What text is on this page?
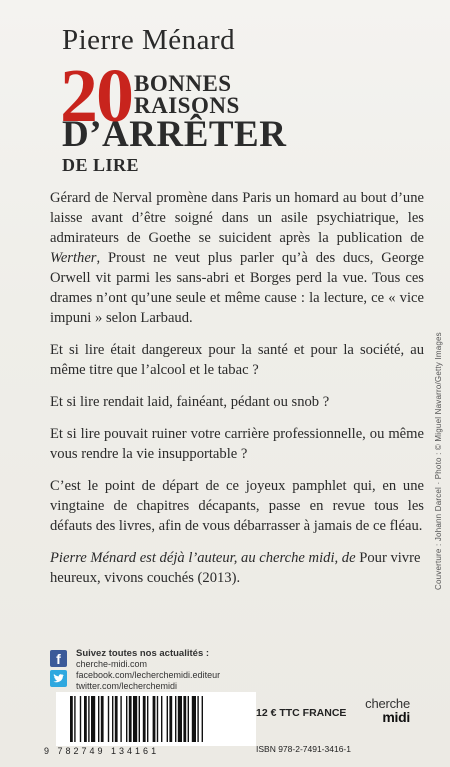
Pierre Ménard
20 BONNES
RAISONS
D’ARRÊTER
DE LIRE

Gérard de Nerval promène dans Paris un homard au bout d’une laisse avant d’être soigné dans un asile psychiatrique, les admirateurs de Goethe se suicident après la publication de Werther, Proust ne veut plus parler qu’à des ducs, George Orwell vit parmi les sans-abri et Borges perd la vue. Tous ces drames n’ont qu’une seule et même cause : la lecture, ce « vice impuni » selon Larbaud.

Et si lire était dangereux pour la santé et pour la société, au même titre que l’alcool et le tabac ?

Et si lire rendait laid, fainéant, pédant ou snob ?

Et si lire pouvait ruiner votre carrière professionnelle, ou même vous rendre la vie insupportable ?

C’est le point de départ de ce joyeux pamphlet qui, en une vingtaine de chapitres décapants, passe en revue tous les défauts des livres, afin de vous débarrasser à jamais de ce fléau.

Pierre Ménard est déjà l’auteur, au cherche midi, de Pour vivre heureux, vivons couchés (2013).	Couverture : Johann Darcel · Photo : © Miguel Navarro/Getty Images
f	Suivez toutes nos actualités :
cherche-midi.com
facebook.com/lecherchemidi.editeur
twitter.com/lecherchemidi
9 782749 134161
12 € TTC FRANCE
ISBN 978-2-7491-3416-1
cherche
midi
